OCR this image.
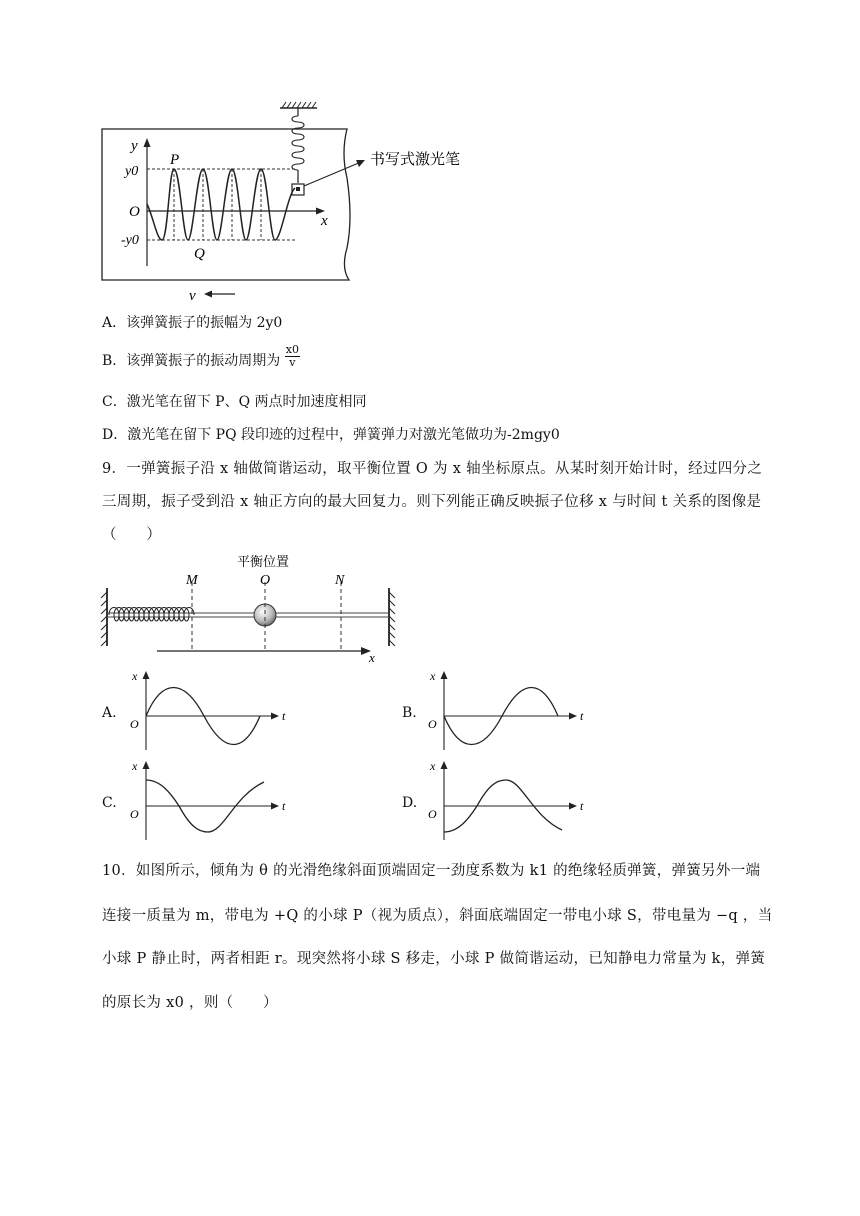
书写式激光笔
y
y0
O
-y0
x
P
Q
v
A．该弹簧振子的振幅为 2y0
B．该弹簧振子的振动周期为 $\frac{x0}{v}$
C．激光笔在留下 P、Q 两点时加速度相同
D．激光笔在留下 PQ 段印迹的过程中，弹簧弹力对激光笔做功为-2mgy0
9．一弹簧振子沿 x 轴做简谐运动，取平衡位置 O 为 x 轴坐标原点。从某时刻开始计时，经过四分之
三周期，振子受到沿 x 轴正方向的最大回复力。则下列能正确反映振子位移 x 与时间 t 关系的图像是
（　　）
平衡位置
M	O	N
x
A.
x
t
O
B.
x
t
O
C.
x
t
O
D.
x
t
O
10．如图所示，倾角为 θ 的光滑绝缘斜面顶端固定一劲度系数为 k1 的绝缘轻质弹簧，弹簧另外一端
连接一质量为 m，带电为 +Q 的小球 P（视为质点），斜面底端固定一带电小球 S，带电量为 −q ，当
小球 P 静止时，两者相距 r。现突然将小球 S 移走，小球 P 做简谐运动，已知静电力常量为 k，弹簧
的原长为 x0 ，则（　　）
